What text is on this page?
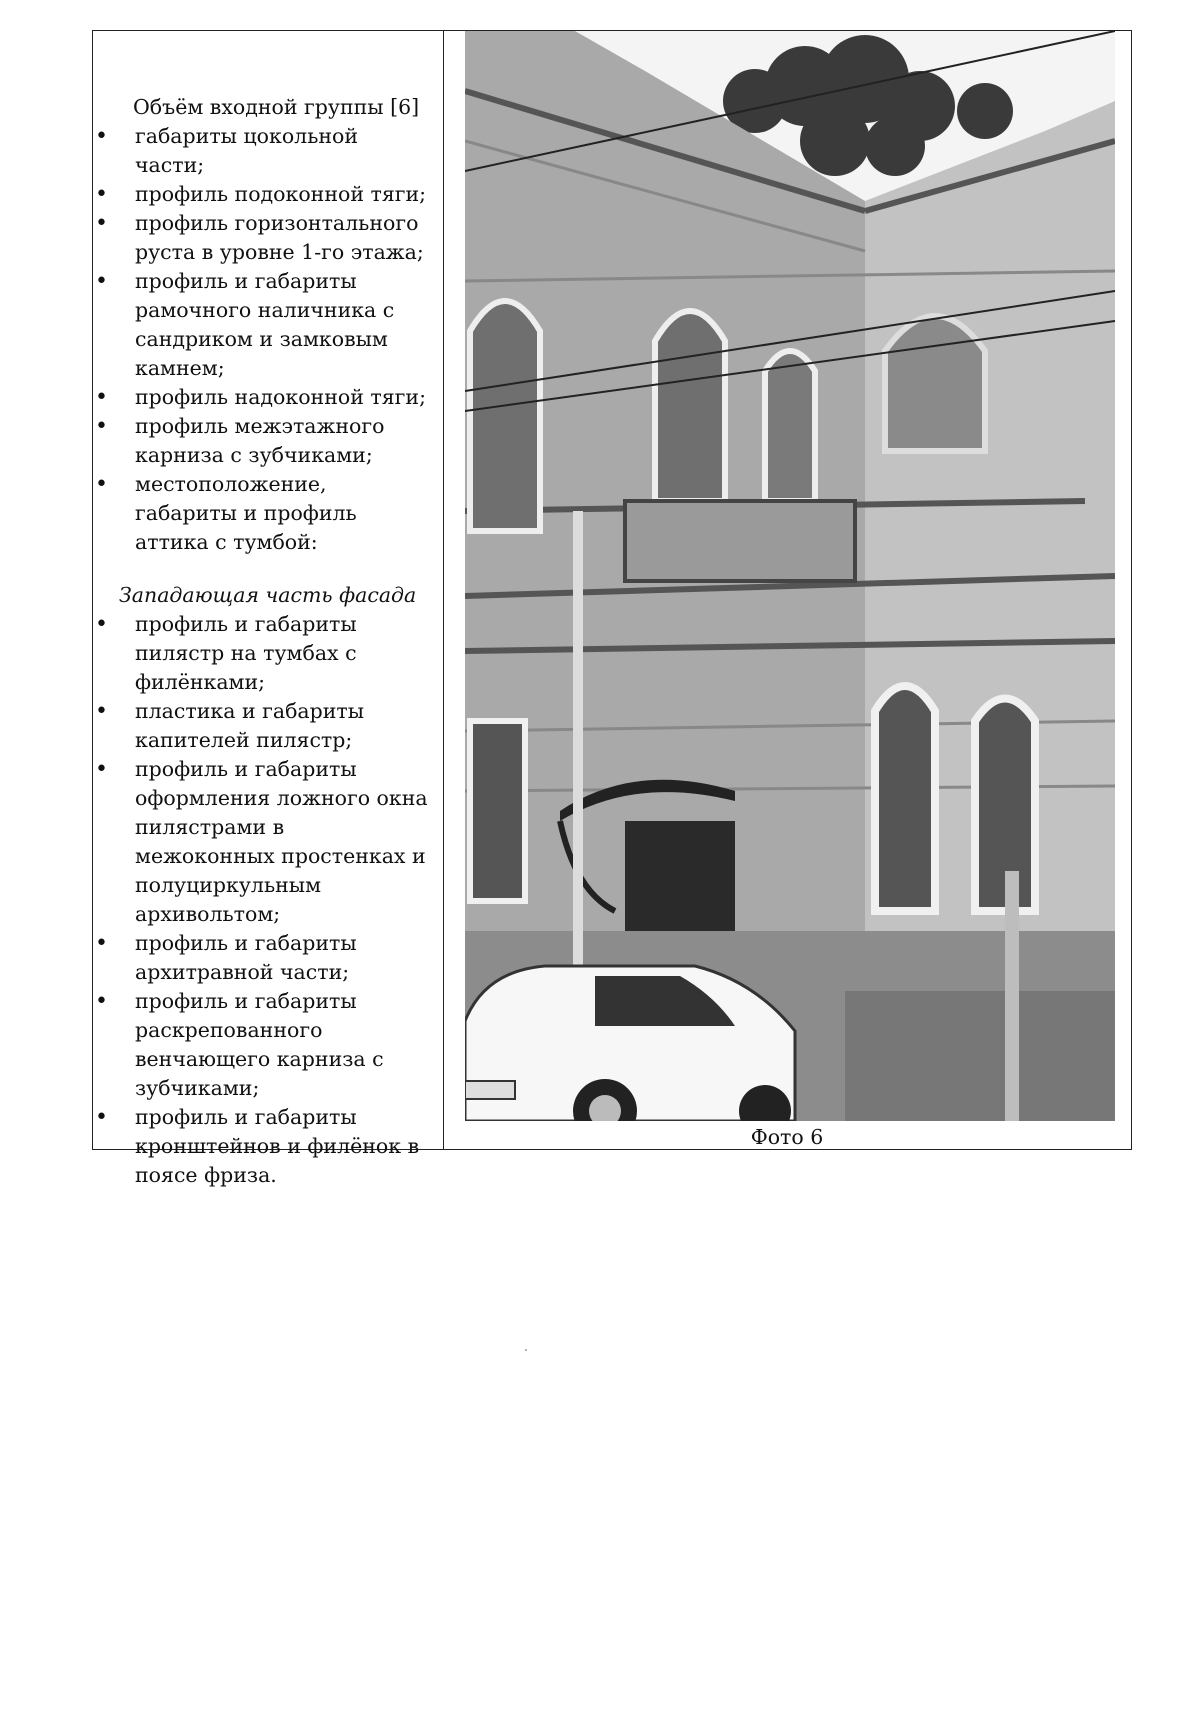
Объём входной группы [6]
• габариты цокольной части;
• профиль подоконной тяги;
• профиль горизонтального руста в уровне 1-го этажа;
• профиль и габариты рамочного наличника с сандриком и замковым камнем;
• профиль надоконной тяги;
• профиль межэтажного карниза с зубчиками;
• местоположение, габариты и профиль аттика с тумбой:
Западающая часть фасада
• профиль и габариты пилястр на тумбах с филёнками;
• пластика и габариты капителей пилястр;
• профиль и габариты оформления ложного окна пилястрами в межоконных простенках и полуциркульным архивольтом;
• профиль и габариты архитравной части;
• профиль и габариты раскрепованного венчающего карниза с зубчиками;
• профиль и габариты кронштейнов и филёнок в поясе фриза.
Фото 6
